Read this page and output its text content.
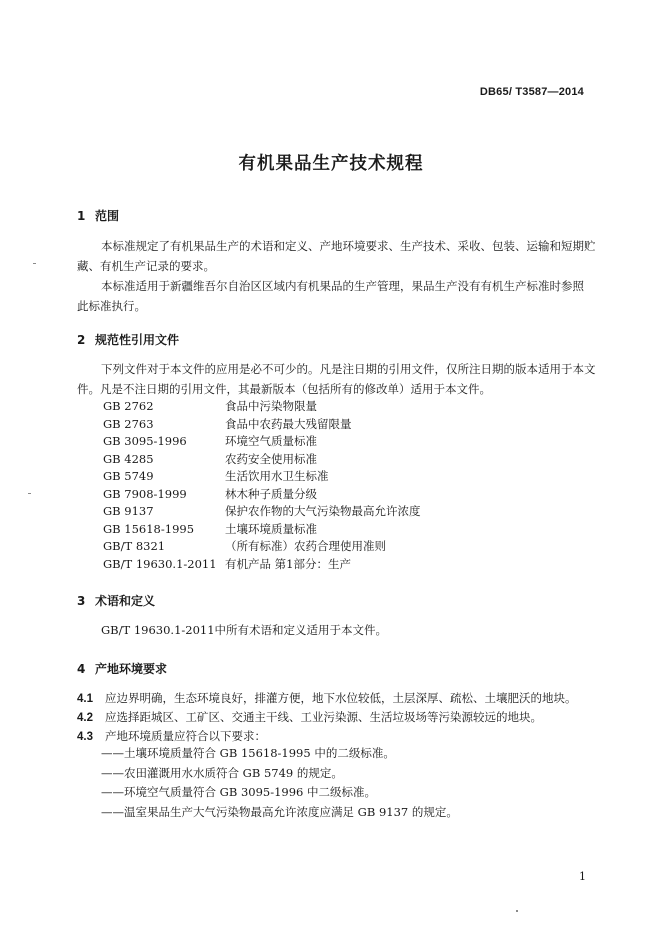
DB65/ T3587—2014
有机果品生产技术规程
1 范围
本标准规定了有机果品生产的术语和定义、产地环境要求、生产技术、采收、包装、运输和短期贮
藏、有机生产记录的要求。
本标准适用于新疆维吾尔自治区区域内有机果品的生产管理，果品生产没有有机生产标准时参照
此标准执行。
2 规范性引用文件
下列文件对于本文件的应用是必不可少的。凡是注日期的引用文件，仅所注日期的版本适用于本文
件。凡是不注日期的引用文件，其最新版本（包括所有的修改单）适用于本文件。
GB 2762	食品中污染物限量
GB 2763	食品中农药最大残留限量
GB 3095-1996	环境空气质量标准
GB 4285	农药安全使用标准
GB 5749	生活饮用水卫生标准
GB 7908-1999	林木种子质量分级
GB 9137	保护农作物的大气污染物最高允许浓度
GB 15618-1995	土壤环境质量标准
GB/T 8321	（所有标准）农药合理使用准则
GB/T 19630.1-2011 有机产品 第1部分：生产
3 术语和定义
GB/T 19630.1-2011中所有术语和定义适用于本文件。
4 产地环境要求
4.1 应边界明确，生态环境良好，排灌方便，地下水位较低，土层深厚、疏松、土壤肥沃的地块。
4.2 应选择距城区、工矿区、交通主干线、工业污染源、生活垃圾场等污染源较远的地块。
4.3 产地环境质量应符合以下要求：
——土壤环境质量符合 GB 15618-1995 中的二级标准。
——农田灌溉用水水质符合 GB 5749 的规定。
——环境空气质量符合 GB 3095-1996 中二级标准。
——温室果品生产大气污染物最高允许浓度应满足 GB 9137 的规定。
1
